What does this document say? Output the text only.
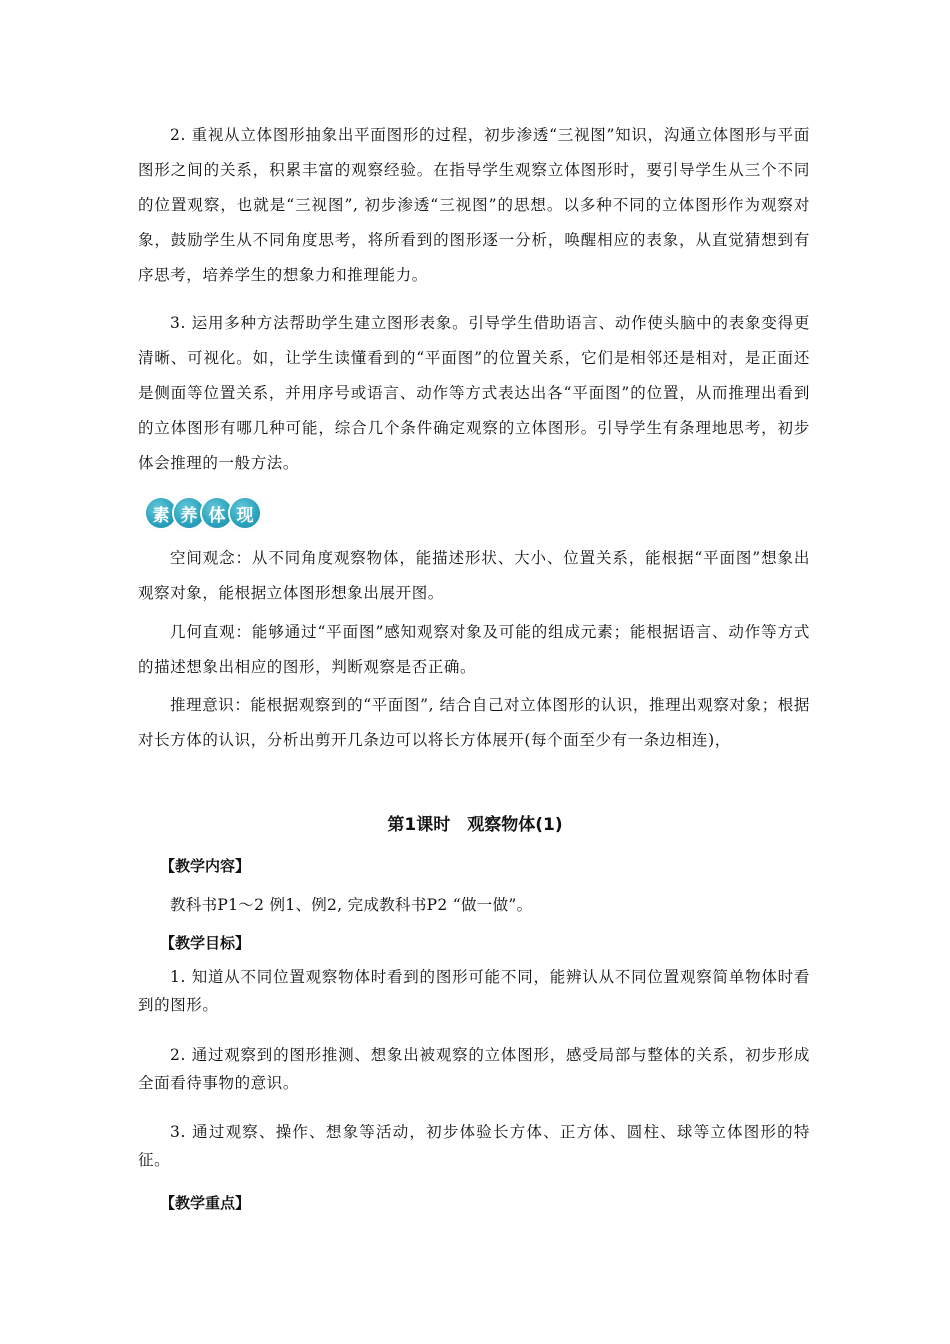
2. 重视从立体图形抽象出平面图形的过程，初步渗透“三视图”知识，沟通立体图形与平面图形之间的关系，积累丰富的观察经验。在指导学生观察立体图形时，要引导学生从三个不同的位置观察，也就是“三视图”, 初步渗透“三视图”的思想。以多种不同的立体图形作为观察对象，鼓励学生从不同角度思考，将所看到的图形逐一分析，唤醒相应的表象，从直觉猜想到有序思考，培养学生的想象力和推理能力。

3. 运用多种方法帮助学生建立图形表象。引导学生借助语言、动作使头脑中的表象变得更清晰、可视化。如，让学生读懂看到的“平面图”的位置关系，它们是相邻还是相对，是正面还是侧面等位置关系，并用序号或语言、动作等方式表达出各“平面图”的位置，从而推理出看到的立体图形有哪几种可能，综合几个条件确定观察的立体图形。引导学生有条理地思考，初步体会推理的一般方法。

素 养 体 现

空间观念：从不同角度观察物体，能描述形状、大小、位置关系，能根据“平面图”想象出观察对象，能根据立体图形想象出展开图。

几何直观：能够通过“平面图”感知观察对象及可能的组成元素；能根据语言、动作等方式的描述想象出相应的图形，判断观察是否正确。

推理意识：能根据观察到的“平面图”, 结合自己对立体图形的认识，推理出观察对象；根据对长方体的认识，分析出剪开几条边可以将长方体展开(每个面至少有一条边相连)，

第1课时　观察物体(1)

【教学内容】

教科书P1～2 例1、例2, 完成教科书P2 “做一做”。

【教学目标】

1. 知道从不同位置观察物体时看到的图形可能不同，能辨认从不同位置观察简单物体时看到的图形。

2. 通过观察到的图形推测、想象出被观察的立体图形，感受局部与整体的关系，初步形成全面看待事物的意识。

3. 通过观察、操作、想象等活动，初步体验长方体、正方体、圆柱、球等立体图形的特征。

【教学重点】
